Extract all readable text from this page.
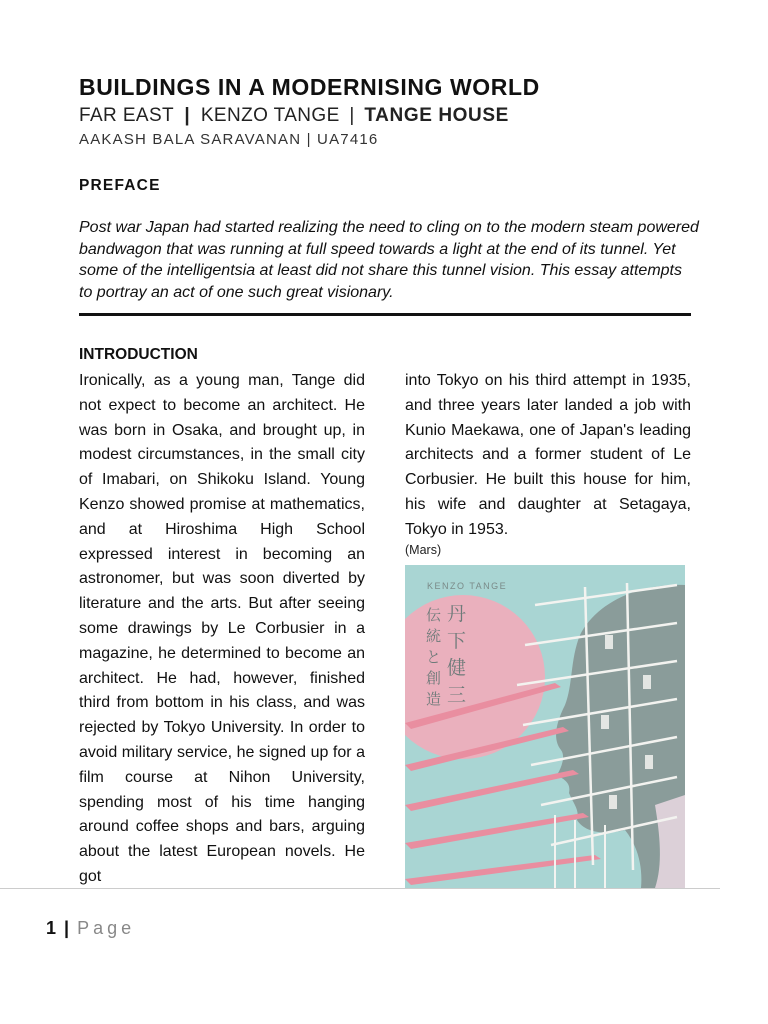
BUILDINGS IN A MODERNISING WORLD
FAR EAST | KENZO TANGE | TANGE HOUSE
AAKASH BALA SARAVANAN | UA7416
PREFACE
Post war Japan had started realizing the need to cling on to the modern steam powered bandwagon that was running at full speed towards a light at the end of its tunnel. Yet some of the intelligentsia at least did not share this tunnel vision. This essay attempts to portray an act of one such great visionary.
INTRODUCTION
Ironically, as a young man, Tange did not expect to become an architect. He was born in Osaka, and brought up, in modest circumstances, in the small city of Imabari, on Shikoku Island. Young Kenzo showed promise at mathematics, and at Hiroshima High School expressed interest in becoming an astronomer, but was soon diverted by literature and the arts. But after seeing some drawings by Le Corbusier in a magazine, he determined to become an architect. He had, however, finished third from bottom in his class, and was rejected by Tokyo University. In order to avoid military service, he signed up for a film course at Nihon University, spending most of his time hanging around coffee shops and bars, arguing about the latest European novels. He got
into Tokyo on his third attempt in 1935, and three years later landed a job with Kunio Maekawa, one of Japan's leading architects and a former student of Le Corbusier. He built this house for him, his wife and daughter at Setagaya, Tokyo in 1953.
(Mars)
KENZO TANGE
丹 下 健 三
伝 統 と 創 造
1 | Page
